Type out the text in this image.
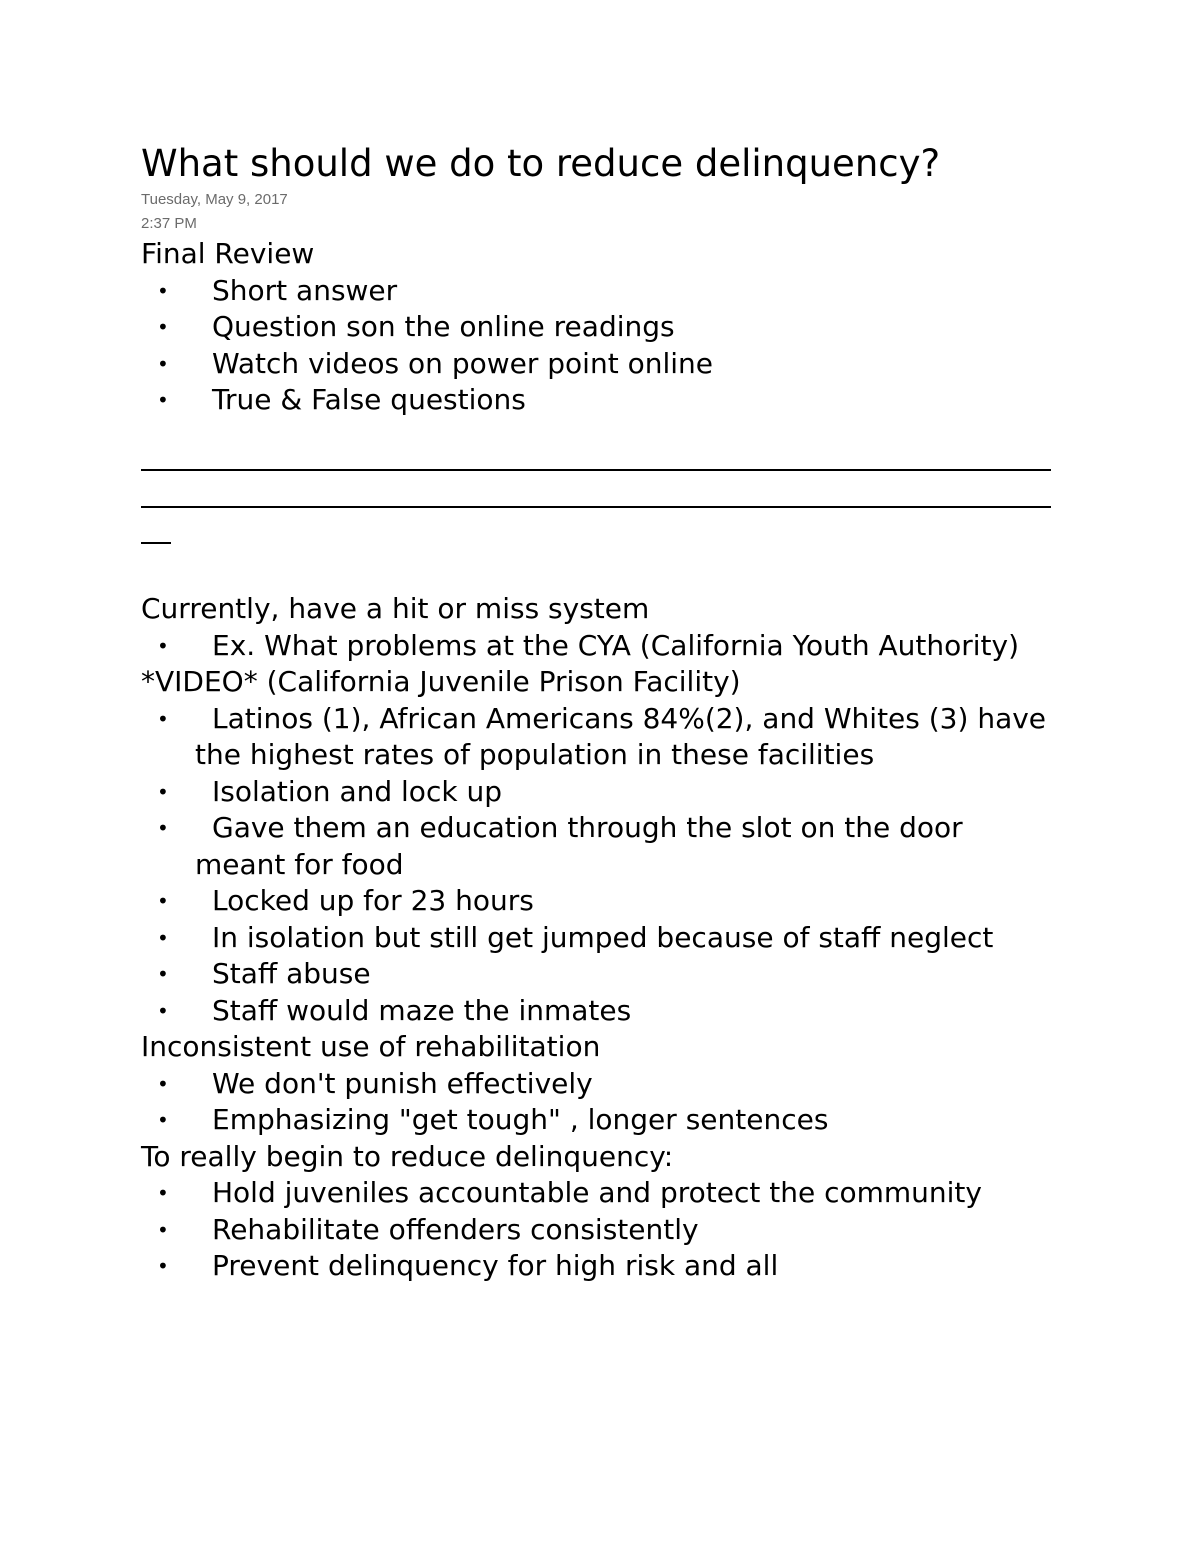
What should we do to reduce delinquency?

Tuesday, May 9, 2017

2:37 PM

Final Review

•	Short answer
•	Question son the online readings
•	Watch videos on power point online
•	True & False questions

Currently, have a hit or miss system

•	Ex. What problems at the CYA (California Youth Authority)

*VIDEO* (California Juvenile Prison Facility)

•	Latinos (1), African Americans 84%(2), and Whites (3) have the highest rates of population in these facilities
•	Isolation and lock up
•	Gave them an education through the slot on the door meant for food
•	Locked up for 23 hours
•	In isolation but still get jumped because of staff neglect
•	Staff abuse
•	Staff would maze the inmates

Inconsistent use of rehabilitation

•	We don't punish effectively
•	Emphasizing "get tough" , longer sentences

To really begin to reduce delinquency:

•	Hold juveniles accountable and protect the community
•	Rehabilitate offenders consistently
•	Prevent delinquency for high risk and all
